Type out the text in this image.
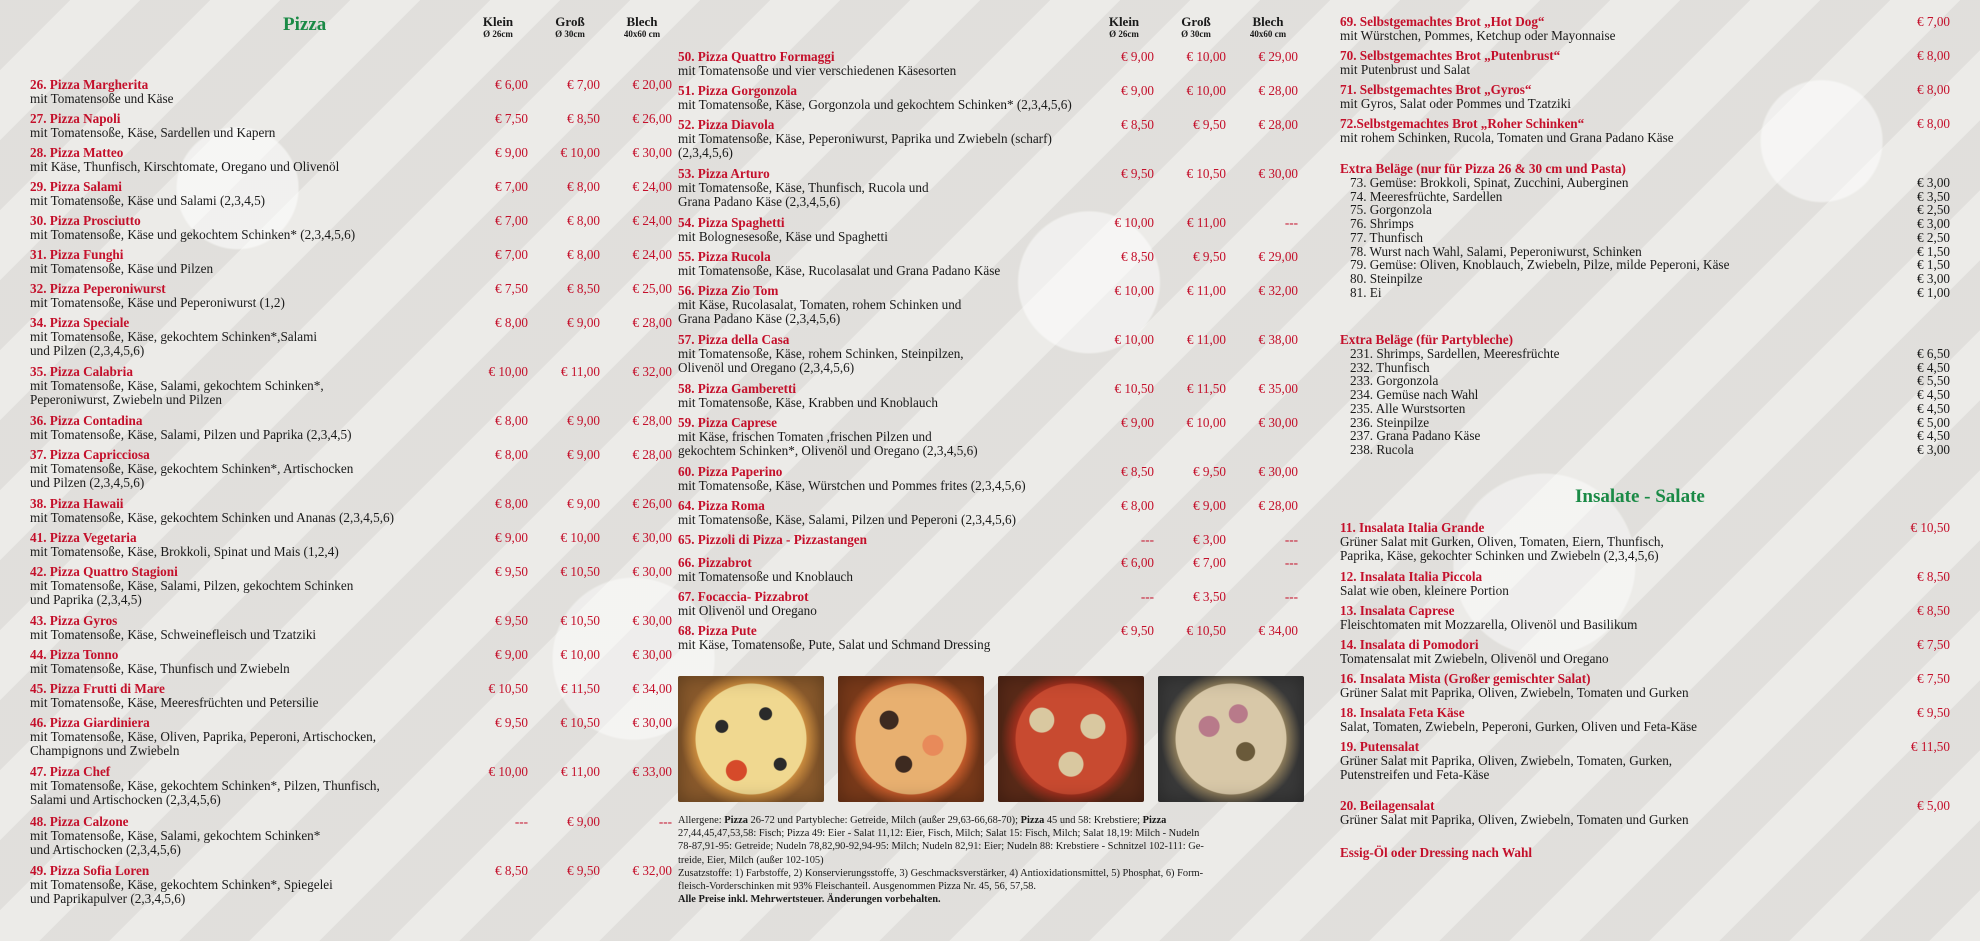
Pizza	Klein
Ø 26cm
Groß
Ø 30cm
Blech
40x60 cm
26. Pizza Margherita
mit Tomatensoße und Käse
€ 6,00	€ 7,00	€ 20,00
27. Pizza Napoli
mit Tomatensoße, Käse, Sardellen und Kapern
€ 7,50	€ 8,50	€ 26,00
28. Pizza Matteo
mit Käse, Thunfisch, Kirschtomate, Oregano und Olivenöl
€ 9,00	€ 10,00	€ 30,00
29. Pizza Salami
mit Tomatensoße, Käse und Salami (2,3,4,5)
€ 7,00	€ 8,00	€ 24,00
30. Pizza Prosciutto
mit Tomatensoße, Käse und gekochtem Schinken* (2,3,4,5,6)
€ 7,00	€ 8,00	€ 24,00
31. Pizza Funghi
mit Tomatensoße, Käse und Pilzen
€ 7,00	€ 8,00	€ 24,00
32. Pizza Peperoniwurst
mit Tomatensoße, Käse und Peperoniwurst (1,2)
€ 7,50	€ 8,50	€ 25,00
34. Pizza Speciale
mit Tomatensoße, Käse, gekochtem Schinken*,Salami
und Pilzen (2,3,4,5,6)
€ 8,00	€ 9,00	€ 28,00
35. Pizza Calabria
mit Tomatensoße, Käse, Salami, gekochtem Schinken*,
Peperoniwurst, Zwiebeln und Pilzen
€ 10,00	€ 11,00	€ 32,00
36. Pizza Contadina
mit Tomatensoße, Käse, Salami, Pilzen und Paprika (2,3,4,5)
€ 8,00	€ 9,00	€ 28,00
37. Pizza Capricciosa
mit Tomatensoße, Käse, gekochtem Schinken*, Artischocken
und Pilzen (2,3,4,5,6)
€ 8,00	€ 9,00	€ 28,00
38. Pizza Hawaii
mit Tomatensoße, Käse, gekochtem Schinken und Ananas (2,3,4,5,6)
€ 8,00	€ 9,00	€ 26,00
41. Pizza Vegetaria
mit Tomatensoße, Käse, Brokkoli, Spinat und Mais (1,2,4)
€ 9,00	€ 10,00	€ 30,00
42. Pizza Quattro Stagioni
mit Tomatensoße, Käse, Salami, Pilzen, gekochtem Schinken
und Paprika (2,3,4,5)
€ 9,50	€ 10,50	€ 30,00
43. Pizza Gyros
mit Tomatensoße, Käse, Schweinefleisch und Tzatziki
€ 9,50	€ 10,50	€ 30,00
44. Pizza Tonno
mit Tomatensoße, Käse, Thunfisch und Zwiebeln
€ 9,00	€ 10,00	€ 30,00
45. Pizza Frutti di Mare
mit Tomatensoße, Käse, Meeresfrüchten und Petersilie
€ 10,50	€ 11,50	€ 34,00
46. Pizza Giardiniera
mit Tomatensoße, Käse, Oliven, Paprika, Peperoni, Artischocken,
Champignons und Zwiebeln
€ 9,50	€ 10,50	€ 30,00
47. Pizza Chef
mit Tomatensoße, Käse, gekochtem Schinken*, Pilzen, Thunfisch,
Salami und Artischocken (2,3,4,5,6)
€ 10,00	€ 11,00	€ 33,00
48. Pizza Calzone
mit Tomatensoße, Käse, Salami, gekochtem Schinken*
und Artischocken (2,3,4,5,6)
---	€ 9,00	---
49. Pizza Sofia Loren
mit Tomatensoße, Käse, gekochtem Schinken*, Spiegelei
und Paprikapulver (2,3,4,5,6)
€ 8,50	€ 9,50	€ 32,00
Klein
Ø 26cm
Groß
Ø 30cm
Blech
40x60 cm
50. Pizza Quattro Formaggi
mit Tomatensoße und vier verschiedenen Käsesorten
€ 9,00	€ 10,00	€ 29,00
51. Pizza Gorgonzola
mit Tomatensoße, Käse, Gorgonzola und gekochtem Schinken* (2,3,4,5,6)
€ 9,00	€ 10,00	€ 28,00
52. Pizza Diavola
mit Tomatensoße, Käse, Peperoniwurst, Paprika und Zwiebeln (scharf)
(2,3,4,5,6)
€ 8,50	€ 9,50	€ 28,00
53. Pizza Arturo
mit Tomatensoße, Käse, Thunfisch, Rucola und
Grana Padano Käse (2,3,4,5,6)
€ 9,50	€ 10,50	€ 30,00
54. Pizza Spaghetti
mit Bolognesesoße, Käse und Spaghetti
€ 10,00	€ 11,00	---
55. Pizza Rucola
mit Tomatensoße, Käse, Rucolasalat und Grana Padano Käse
€ 8,50	€ 9,50	€ 29,00
56. Pizza Zio Tom
mit Käse, Rucolasalat, Tomaten, rohem Schinken und
Grana Padano Käse (2,3,4,5,6)
€ 10,00	€ 11,00	€ 32,00
57. Pizza della Casa
mit Tomatensoße, Käse, rohem Schinken, Steinpilzen,
Olivenöl und Oregano (2,3,4,5,6)
€ 10,00	€ 11,00	€ 38,00
58. Pizza Gamberetti
mit Tomatensoße, Käse, Krabben und Knoblauch
€ 10,50	€ 11,50	€ 35,00
59. Pizza Caprese
mit Käse, frischen Tomaten ,frischen Pilzen und
gekochtem Schinken*, Olivenöl und Oregano (2,3,4,5,6)
€ 9,00	€ 10,00	€ 30,00
60. Pizza Paperino
mit Tomatensoße, Käse, Würstchen und Pommes frites (2,3,4,5,6)
€ 8,50	€ 9,50	€ 30,00
64. Pizza Roma
mit Tomatensoße, Käse, Salami, Pilzen und Peperoni (2,3,4,5,6)
€ 8,00	€ 9,00	€ 28,00
65. Pizzoli di Pizza - Pizzastangen	---	€ 3,00	---
66. Pizzabrot
mit Tomatensoße und Knoblauch
€ 6,00	€ 7,00	---
67. Focaccia- Pizzabrot
mit Olivenöl und Oregano
---	€ 3,50	---
68. Pizza Pute
mit Käse, Tomatensoße, Pute, Salat und Schmand Dressing
€ 9,50	€ 10,50	€ 34,00
Allergene: Pizza 26-72 und Partybleche: Getreide, Milch (außer 29,63-66,68-70); Pizza 45 und 58: Krebstiere; Pizza
27,44,45,47,53,58: Fisch; Pizza 49: Eier - Salat 11,12: Eier, Fisch, Milch; Salat 15: Fisch, Milch; Salat 18,19: Milch - Nudeln
78-87,91-95: Getreide; Nudeln 78,82,90-92,94-95: Milch; Nudeln 82,91: Eier; Nudeln 88: Krebstiere - Schnitzel 102-111: Ge-
treide, Eier, Milch (außer 102-105)
Zusatzstoffe: 1) Farbstoffe, 2) Konservierungsstoffe, 3) Geschmacksverstärker, 4) Antioxidationsmittel, 5) Phosphat, 6) Form-
fleisch-Vorderschinken mit 93% Fleischanteil. Ausgenommen Pizza Nr. 45, 56, 57,58.
Alle Preise inkl. Mehrwertsteuer. Änderungen vorbehalten.
69. Selbstgemachtes Brot „Hot Dog“
mit Würstchen, Pommes, Ketchup oder Mayonnaise
€ 7,00
70. Selbstgemachtes Brot „Putenbrust“
mit Putenbrust und Salat
€ 8,00
71. Selbstgemachtes Brot „Gyros“
mit Gyros, Salat oder Pommes und Tzatziki
€ 8,00
72.Selbstgemachtes Brot „Roher Schinken“
mit rohem Schinken, Rucola, Tomaten und Grana Padano Käse
€ 8,00
Extra Beläge (nur für Pizza 26 & 30 cm und Pasta)
73. Gemüse: Brokkoli, Spinat, Zucchini, Auberginen	€ 3,00
74. Meeresfrüchte, Sardellen	€ 3,50
75. Gorgonzola	€ 2,50
76. Shrimps	€ 3,00
77. Thunfisch	€ 2,50
78. Wurst nach Wahl, Salami, Peperoniwurst, Schinken	€ 1,50
79. Gemüse: Oliven, Knoblauch, Zwiebeln, Pilze, milde Peperoni, Käse	€ 1,50
80. Steinpilze	€ 3,00
81. Ei	€ 1,00
Extra Beläge (für Partybleche)
231. Shrimps, Sardellen, Meeresfrüchte	€ 6,50
232. Thunfisch	€ 4,50
233. Gorgonzola	€ 5,50
234. Gemüse nach Wahl	€ 4,50
235. Alle Wurstsorten	€ 4,50
236. Steinpilze	€ 5,00
237. Grana Padano Käse	€ 4,50
238. Rucola	€ 3,00
11. Insalata Italia Grande
Grüner Salat mit Gurken, Oliven, Tomaten, Eiern, Thunfisch,
Paprika, Käse, gekochter Schinken und Zwiebeln (2,3,4,5,6)
€ 10,50
12. Insalata Italia Piccola
Salat wie oben, kleinere Portion
€ 8,50
13. Insalata Caprese
Fleischtomaten mit Mozzarella, Olivenöl und Basilikum
€ 8,50
14. Insalata di Pomodori
Tomatensalat mit Zwiebeln, Olivenöl und Oregano
€ 7,50
16. Insalata Mista (Großer gemischter Salat)
Grüner Salat mit Paprika, Oliven, Zwiebeln, Tomaten und Gurken
€ 7,50
18. Insalata Feta Käse
Salat, Tomaten, Zwiebeln, Peperoni, Gurken, Oliven und Feta-Käse
€ 9,50
19. Putensalat
Grüner Salat mit Paprika, Oliven, Zwiebeln, Tomaten, Gurken,
Putenstreifen und Feta-Käse
€ 11,50
20. Beilagensalat
Grüner Salat mit Paprika, Oliven, Zwiebeln, Tomaten und Gurken
€ 5,00
Essig-Öl oder Dressing nach Wahl
Insalate - Salate
